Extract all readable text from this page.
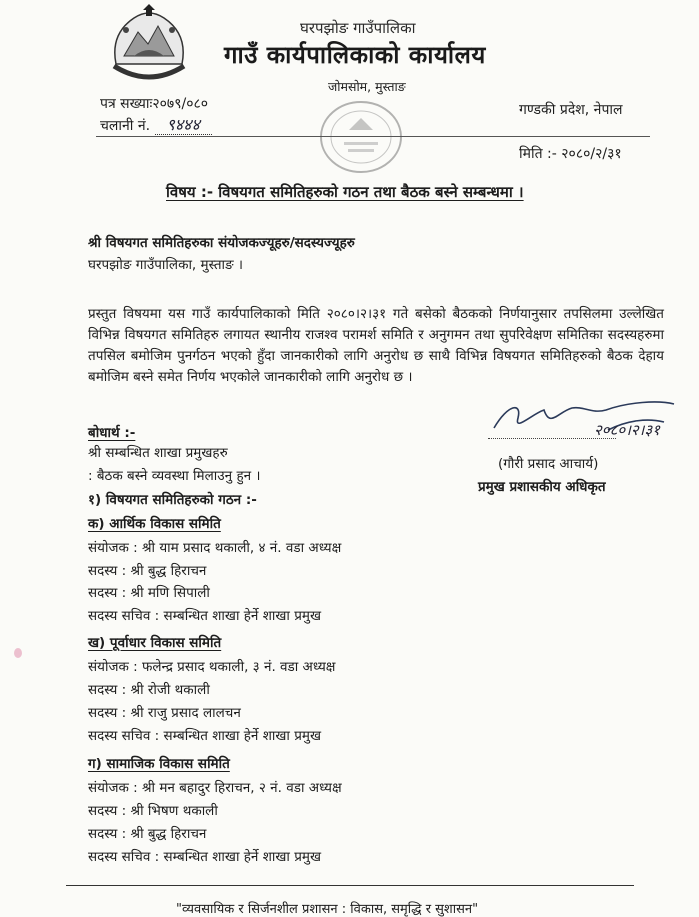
घरपझोङ गाउँपालिका
गाउँ कार्यपालिकाको कार्यालय
जोमसोम, मुस्ताङ
पत्र सख्याः२०७९/०८०
चलानी नं. ९४४४
गण्डकी प्रदेश, नेपाल
मिति :- २०८०/२/३१
विषय :- विषयगत समितिहरुको गठन तथा बैठक बस्ने सम्बन्धमा ।
श्री विषयगत समितिहरुका संयोजकज्यूहरु/सदस्यज्यूहरु
घरपझोङ गाउँपालिका, मुस्ताङ ।
प्रस्तुत विषयमा यस गाउँ कार्यपालिकाको मिति २०८०।२।३१ गते बसेको बैठकको निर्णयानुसार तपसिलमा उल्लेखित विभिन्न विषयगत समितिहरु लगायत स्थानीय राजश्व परामर्श समिति र अनुगमन तथा सुपरिवेक्षण समितिका सदस्यहरुमा तपसिल बमोजिम पुनर्गठन भएको हुँदा जानकारीको लागि अनुरोध छ साथै विभिन्न विषयगत समितिहरुको बैठक देहाय बमोजिम बस्ने समेत निर्णय भएकोले जानकारीको लागि अनुरोध छ ।
बोधार्थ :-
श्री सम्बन्धित शाखा प्रमुखहरु
: बैठक बस्ने व्यवस्था मिलाउनु हुन ।
२०८०।२।३१
(गौरी प्रसाद आचार्य)
प्रमुख प्रशासकीय अधिकृत
१) विषयगत समितिहरुको गठन :-
क) आर्थिक विकास समिति
संयोजक : श्री याम प्रसाद थकाली, ४ नं. वडा अध्यक्ष
सदस्य : श्री बुद्ध हिराचन
सदस्य : श्री मणि सिपाली
सदस्य सचिव : सम्बन्धित शाखा हेर्ने शाखा प्रमुख
ख) पूर्वाधार विकास समिति
संयोजक : फलेन्द्र प्रसाद थकाली, ३ नं. वडा अध्यक्ष
सदस्य : श्री रोजी थकाली
सदस्य : श्री राजु प्रसाद लालचन
सदस्य सचिव : सम्बन्धित शाखा हेर्ने शाखा प्रमुख
ग) सामाजिक विकास समिति
संयोजक : श्री मन बहादुर हिराचन, २ नं. वडा अध्यक्ष
सदस्य : श्री भिषण थकाली
सदस्य : श्री बुद्ध हिराचन
सदस्य सचिव : सम्बन्धित शाखा हेर्ने शाखा प्रमुख
"व्यवसायिक र सिर्जनशील प्रशासन : विकास, समृद्धि र सुशासन"
